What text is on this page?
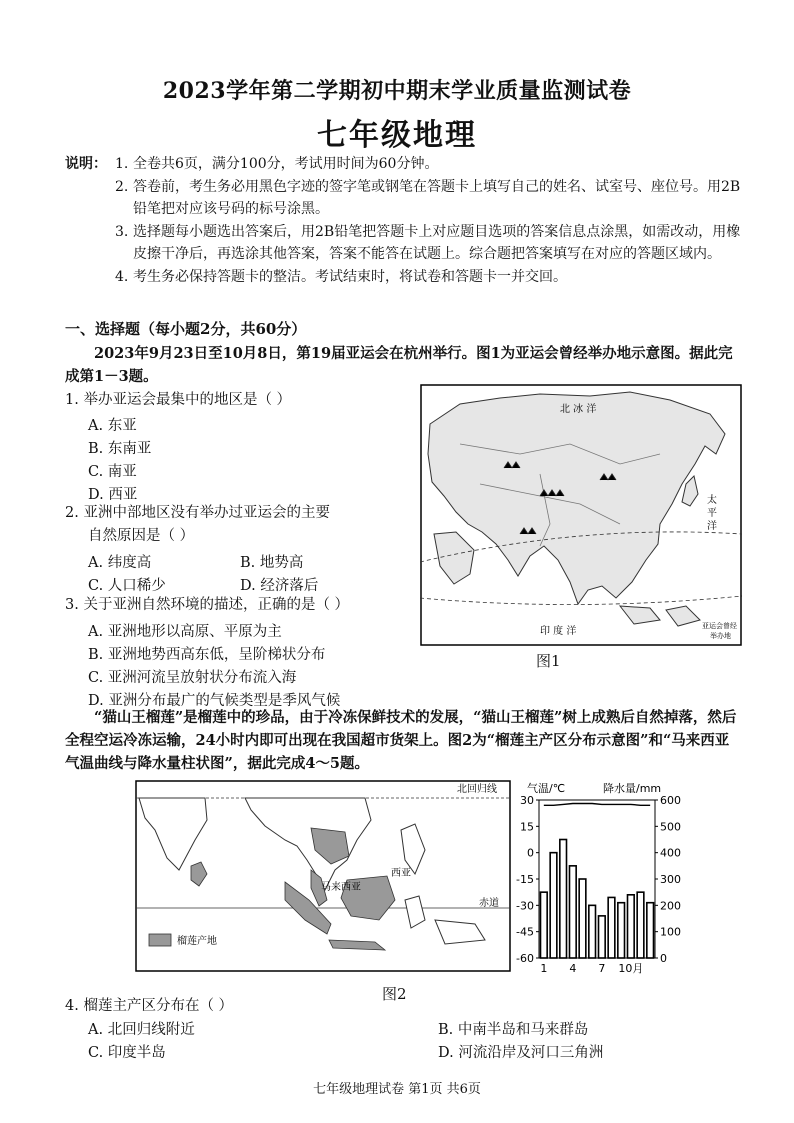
2023学年第二学期初中期末学业质量监测试卷
七年级地理
说明： 1. 全卷共6页，满分100分，考试用时间为60分钟。
2. 答卷前，考生务必用黑色字迹的签字笔或钢笔在答题卡上填写自己的姓名、试室号、座位号。用2B铅笔把对应该号码的标号涂黑。
3. 选择题每小题选出答案后，用2B铅笔把答题卡上对应题目选项的答案信息点涂黑，如需改动，用橡皮擦干净后，再选涂其他答案，答案不能答在试题上。综合题把答案填写在对应的答题区域内。
4. 考生务必保持答题卡的整洁。考试结束时，将试卷和答题卡一并交回。
一、选择题（每小题2分，共60分）
2023年9月23日至10月8日，第19届亚运会在杭州举行。图1为亚运会曾经举办地示意图。据此完成第1－3题。
1. 举办亚运会最集中的地区是（ ）
A. 东亚
B. 东南亚
C. 南亚
D. 西亚
2. 亚洲中部地区没有举办过亚运会的主要
自然原因是（ ）
A. 纬度高	B. 地势高
C. 人口稀少	D. 经济落后
3. 关于亚洲自然环境的描述，正确的是（ ）
A. 亚洲地形以高原、平原为主
B. 亚洲地势西高东低，呈阶梯状分布
C. 亚洲河流呈放射状分布流入海
D. 亚洲分布最广的气候类型是季风气候
北 冰 洋
太 平 洋
印 度 洋	亚运会曾经
举办地
图1
“猫山王榴莲”是榴莲中的珍品，由于冷冻保鲜技术的发展，“猫山王榴莲”树上成熟后自然掉落，然后全程空运冷冻运输，24小时内即可出现在我国超市货架上。图2为“榴莲主产区分布示意图”和“马来西亚气温曲线与降水量柱状图”，据此完成4～5题。
北回归线
赤道
马来西亚
西亚
榴莲产地
图2
气温/℃	降水量/mm
30
15
0
-15
-30
-45
-60
600
500
400
300
200
100
0
1 4 7 10月
4. 榴莲主产区分布在（ ）
A. 北回归线附近	B. 中南半岛和马来群岛
C. 印度半岛	D. 河流沿岸及河口三角洲
七年级地理试卷 第1页 共6页
